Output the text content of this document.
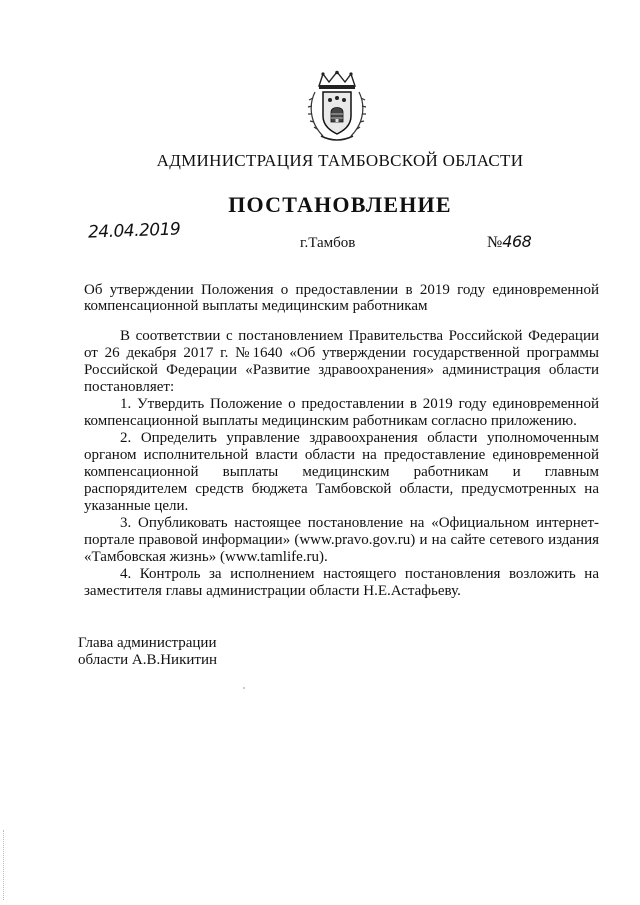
АДМИНИСТРАЦИЯ ТАМБОВСКОЙ ОБЛАСТИ
ПОСТАНОВЛЕНИЕ
24.04.2019
г.Тамбов	№468
Об утверждении Положения о предоставлении в 2019 году единовременной компенсационной выплаты медицинским работникам

В соответствии с постановлением Правительства Российской Федерации от 26 декабря 2017 г. №1640 «Об утверждении государственной программы Российской Федерации «Развитие здравоохранения» администрация области постановляет:

1. Утвердить Положение о предоставлении в 2019 году единовременной компенсационной выплаты медицинским работникам согласно приложению.

2. Определить управление здравоохранения области уполномоченным органом исполнительной власти области на предоставление единовременной компенсационной выплаты медицинским работникам и главным распорядителем средств бюджета Тамбовской области, предусмотренных на указанные цели.

3. Опубликовать настоящее постановление на «Официальном интернет-портале правовой информации» (www.pravo.gov.ru) и на сайте сетевого издания «Тамбовская жизнь» (www.tamlife.ru).

4. Контроль за исполнением настоящего постановления возложить на заместителя главы администрации области Н.Е.Астафьеву.

Глава администрации
области А.В.Никитин
